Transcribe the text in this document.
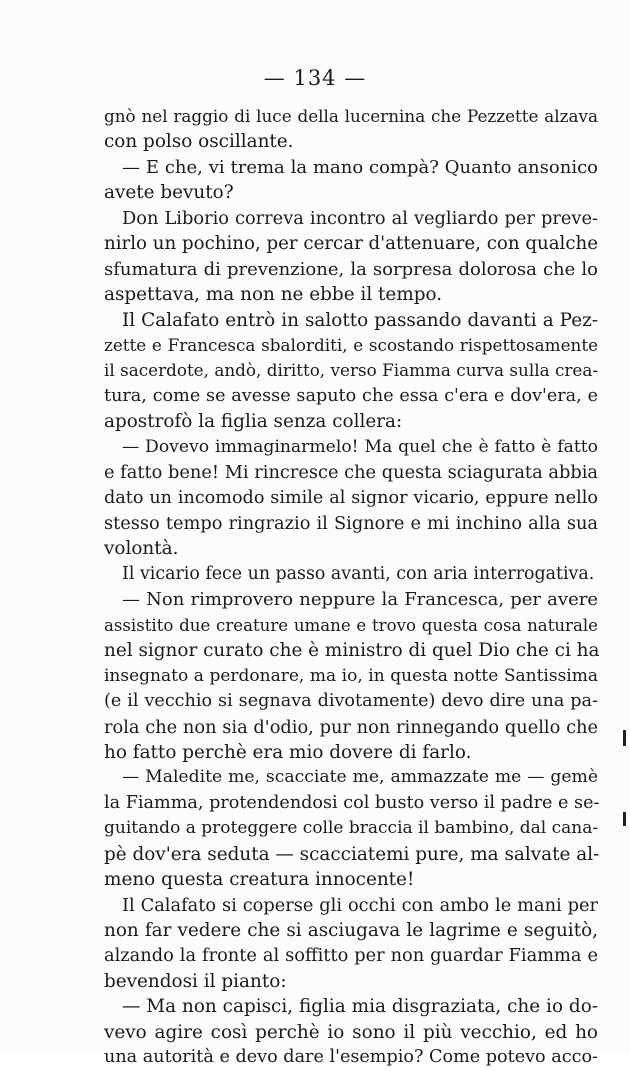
— 134 —
gnò nel raggio di luce della lucernina che Pezzette alzava
con polso oscillante.
— E che, vi trema la mano compà? Quanto ansonico
avete bevuto?
Don Liborio correva incontro al vegliardo per preve-
nirlo un pochino, per cercar d'attenuare, con qualche
sfumatura di prevenzione, la sorpresa dolorosa che lo
aspettava, ma non ne ebbe il tempo.
Il Calafato entrò in salotto passando davanti a Pez-
zette e Francesca sbalorditi, e scostando rispettosamente
il sacerdote, andò, diritto, verso Fiamma curva sulla crea-
tura, come se avesse saputo che essa c'era e dov'era, e
apostrofò la figlia senza collera:
— Dovevo immaginarmelo! Ma quel che è fatto è fatto
e fatto bene! Mi rincresce che questa sciagurata abbia
dato un incomodo simile al signor vicario, eppure nello
stesso tempo ringrazio il Signore e mi inchino alla sua
volontà.
Il vicario fece un passo avanti, con aria interrogativa.
— Non rimprovero neppure la Francesca, per avere
assistito due creature umane e trovo questa cosa naturale
nel signor curato che è ministro di quel Dio che ci ha
insegnato a perdonare, ma io, in questa notte Santissima
(e il vecchio si segnava divotamente) devo dire una pa-
rola che non sia d'odio, pur non rinnegando quello che
ho fatto perchè era mio dovere di farlo.
— Maledite me, scacciate me, ammazzate me — gemè
la Fiamma, protendendosi col busto verso il padre e se-
guitando a proteggere colle braccia il bambino, dal cana-
pè dov'era seduta — scacciatemi pure, ma salvate al-
meno questa creatura innocente!
Il Calafato si coperse gli occhi con ambo le mani per
non far vedere che si asciugava le lagrime e seguitò,
alzando la fronte al soffitto per non guardar Fiamma e
bevendosi il pianto:
— Ma non capisci, figlia mia disgraziata, che io do-
vevo agire così perchè io sono il più vecchio, ed ho
una autorità e devo dare l'esempio? Come potevo acco-
